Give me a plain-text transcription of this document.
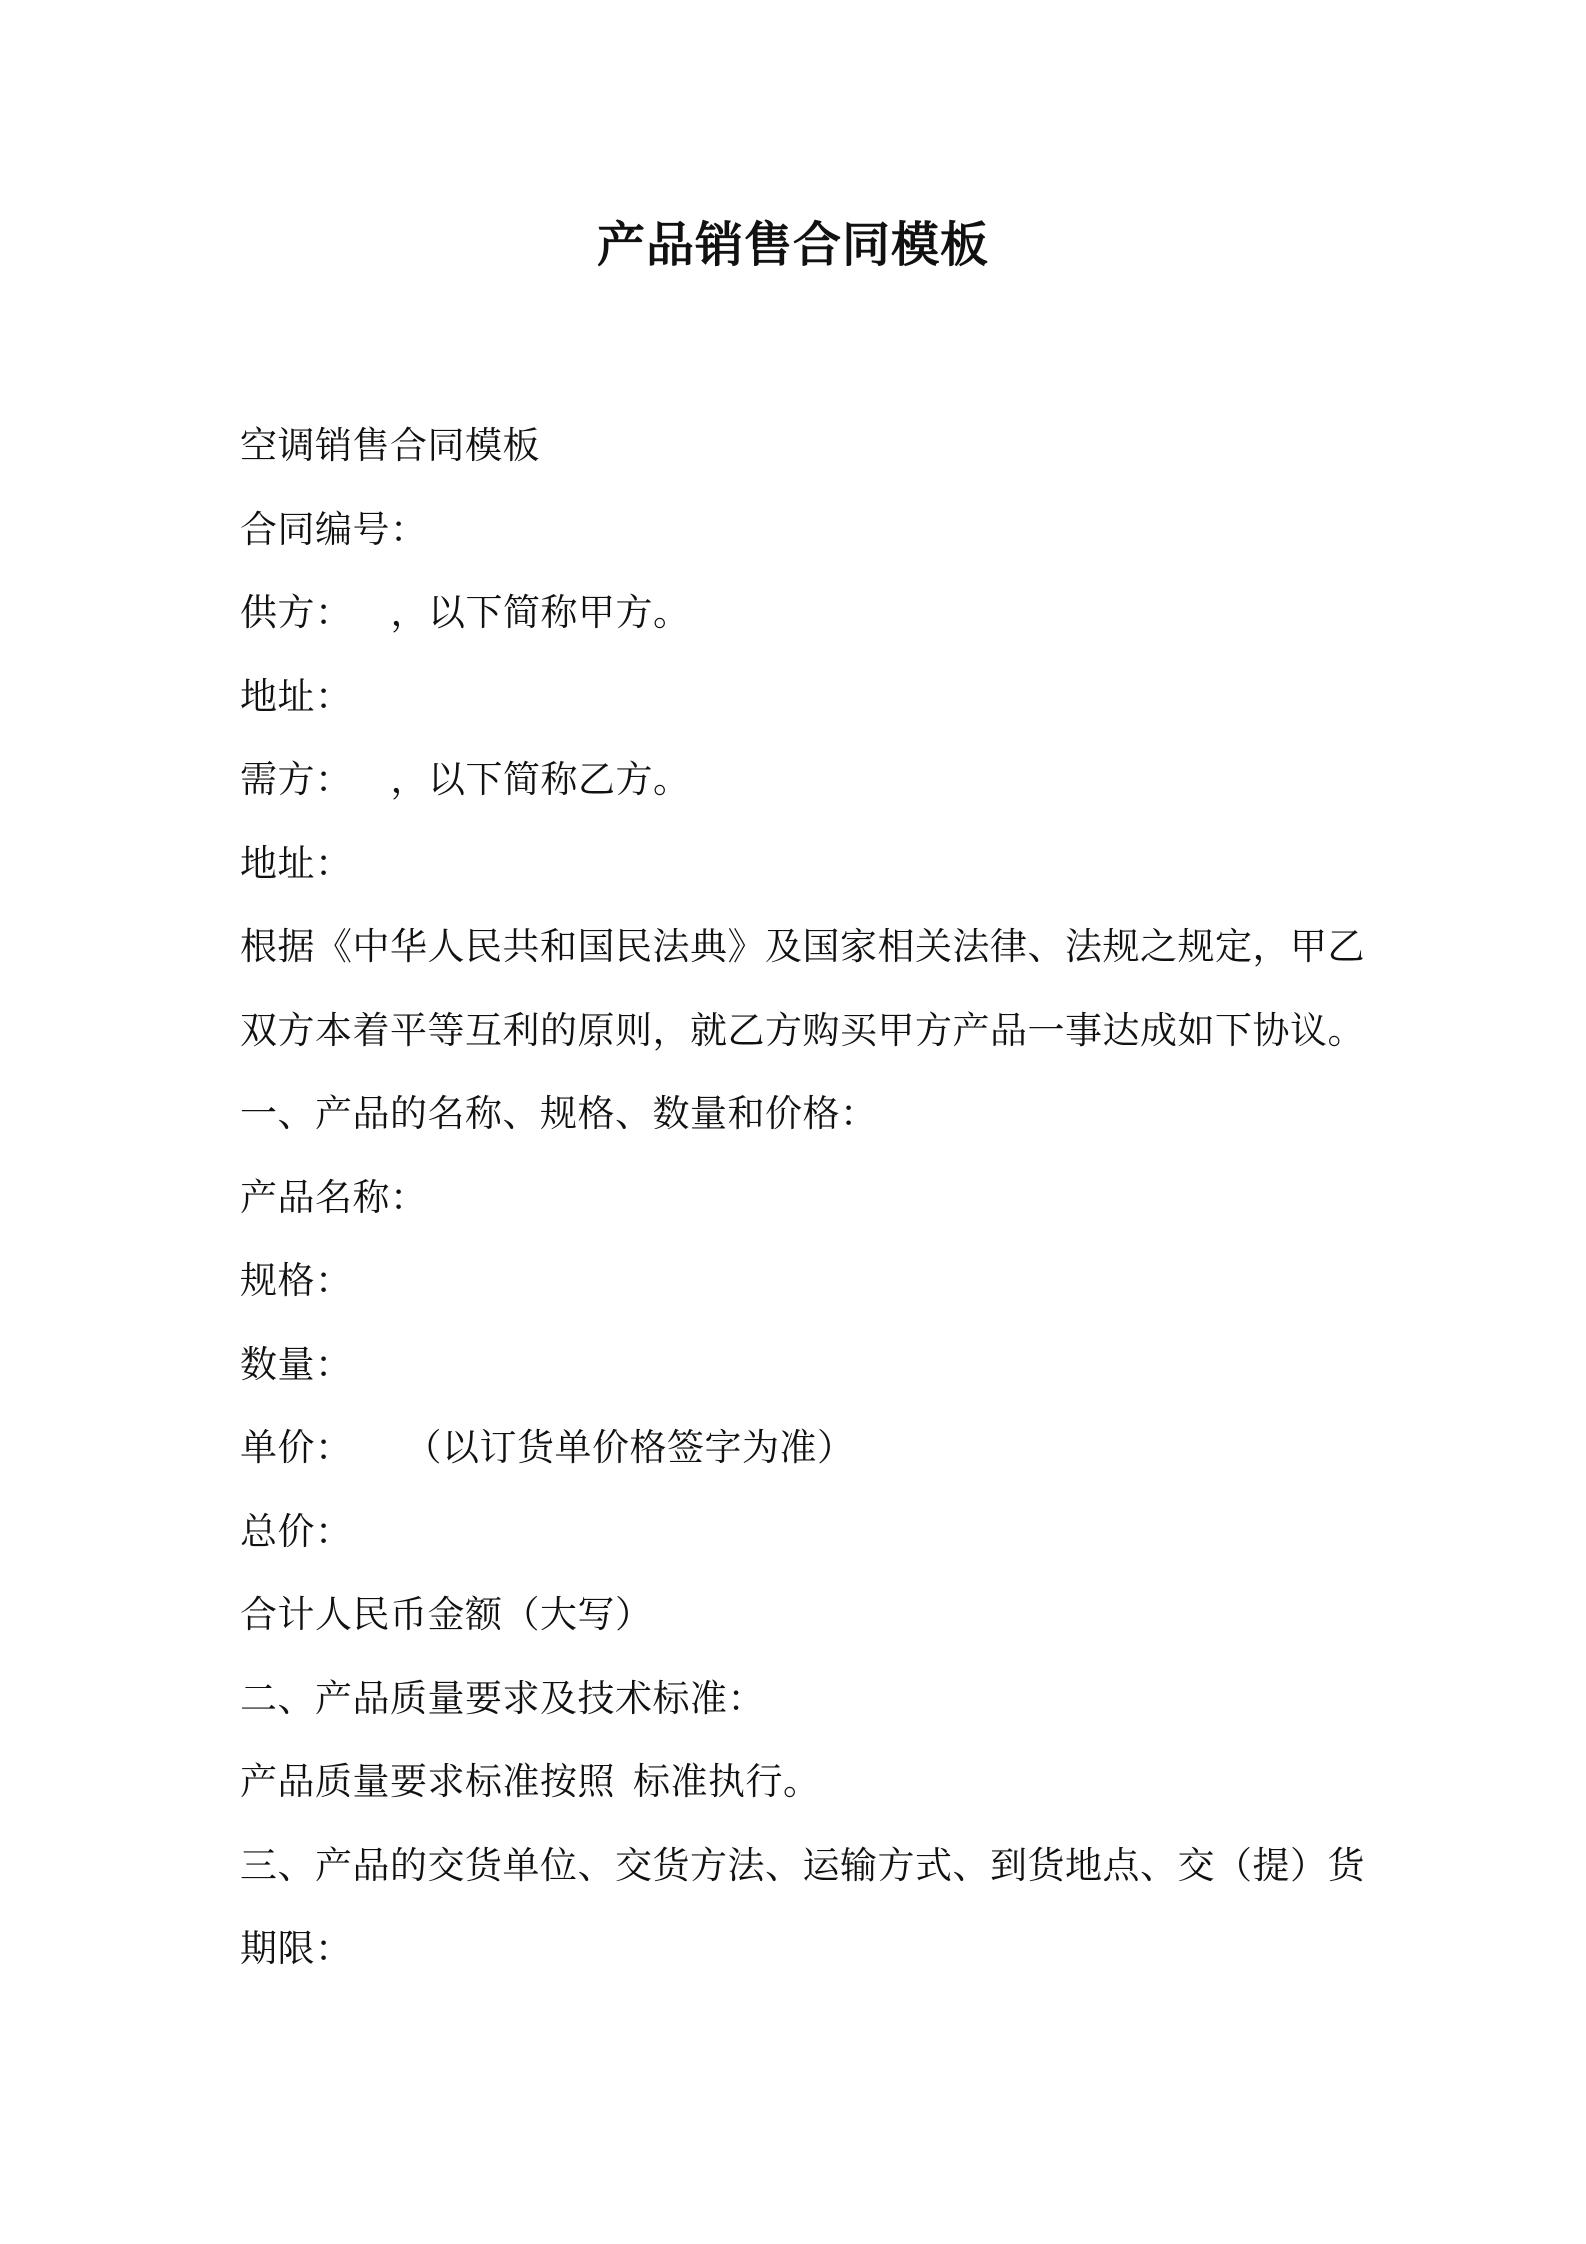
产品销售合同模板
空调销售合同模板
合同编号：
供方： ，以下简称甲方。
地址：
需方： ，以下简称乙方。
地址：
根据《中华人民共和国民法典》及国家相关法律、法规之规定，甲乙
双方本着平等互利的原则，就乙方购买甲方产品一事达成如下协议。
一、产品的名称、规格、数量和价格：
产品名称：
规格：
数量：
单价： （以订货单价格签字为准）
总价：
合计人民币金额（大写）
二、产品质量要求及技术标准：
产品质量要求标准按照 标准执行。
三、产品的交货单位、交货方法、运输方式、到货地点、交（提）货
期限：
